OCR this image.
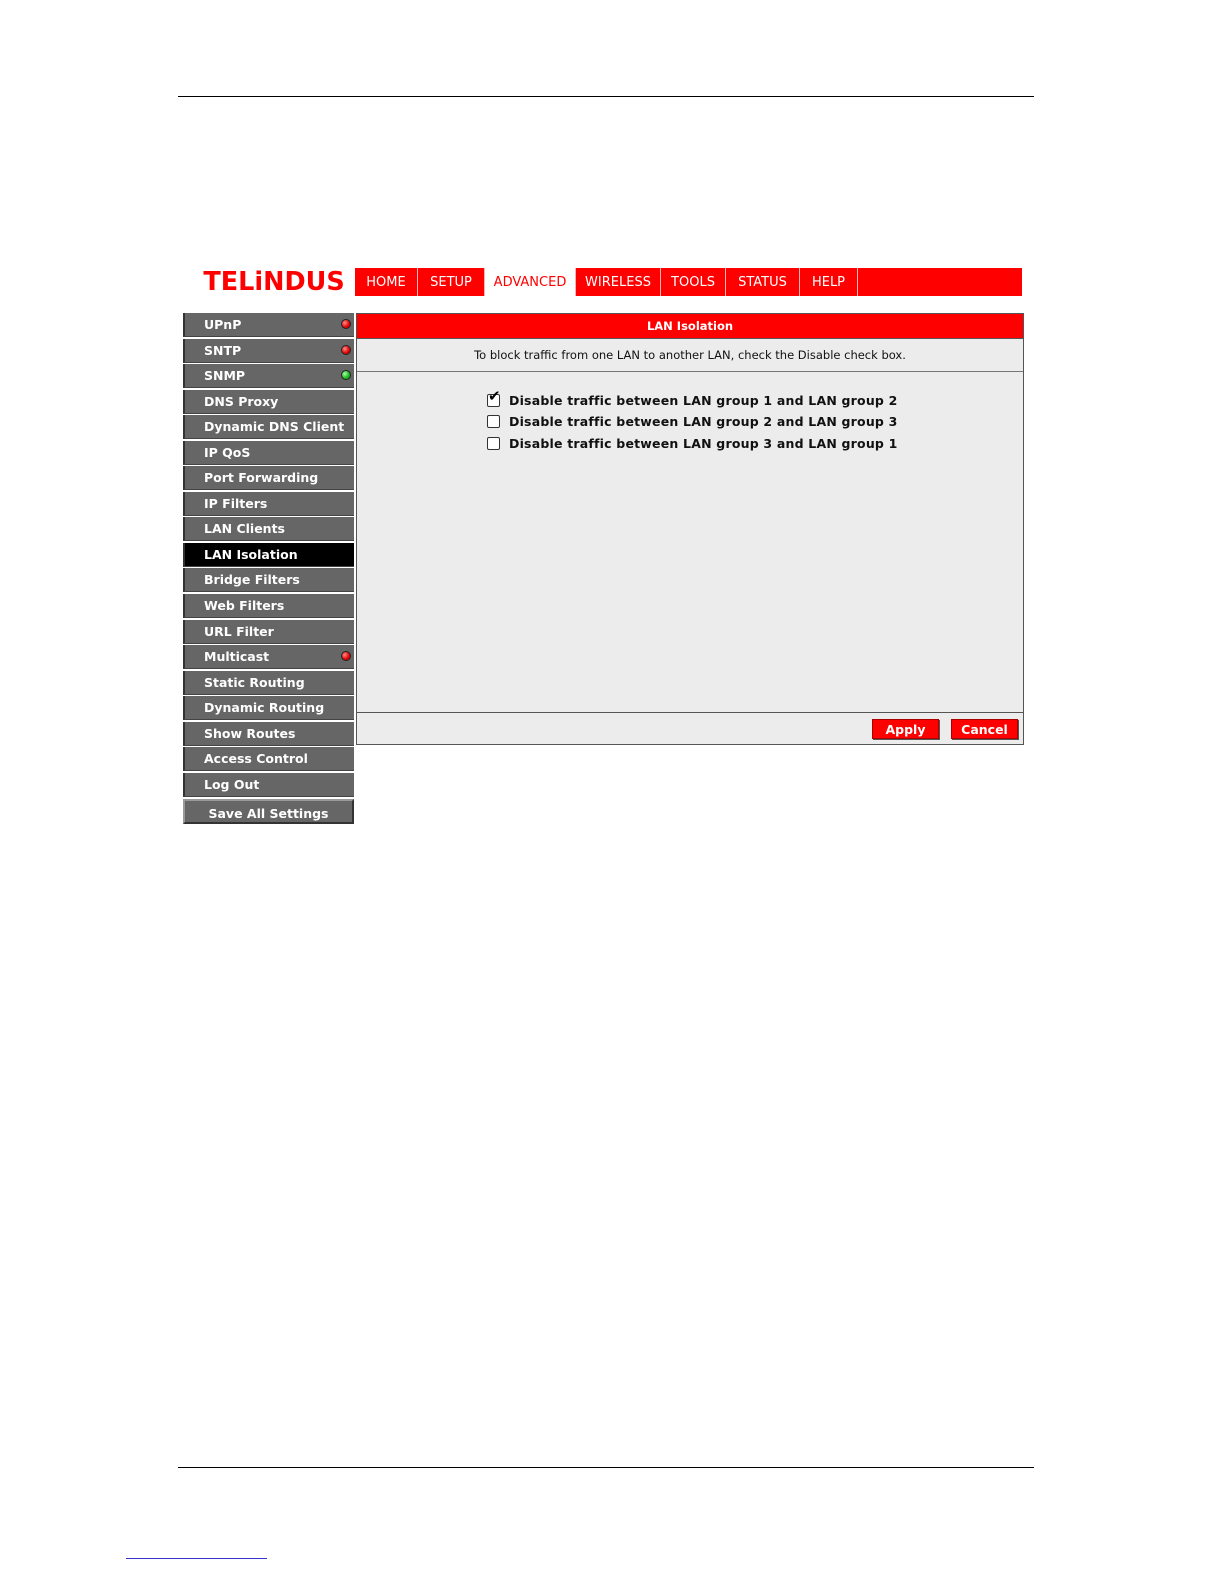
TELiNDUS	HOME	SETUP	ADVANCED	WIRELESS	TOOLS	STATUS	HELP
UPnP
SNTP
SNMP
DNS Proxy
Dynamic DNS Client
IP QoS
Port Forwarding
IP Filters
LAN Clients
LAN Isolation
Bridge Filters
Web Filters
URL Filter
Multicast
Static Routing
Dynamic Routing
Show Routes
Access Control
Log Out
Save All Settings
LAN Isolation
To block traffic from one LAN to another LAN, check the Disable check box.
✔ Disable traffic between LAN group 1 and LAN group 2
Disable traffic between LAN group 2 and LAN group 3
Disable traffic between LAN group 3 and LAN group 1
Apply	Cancel
